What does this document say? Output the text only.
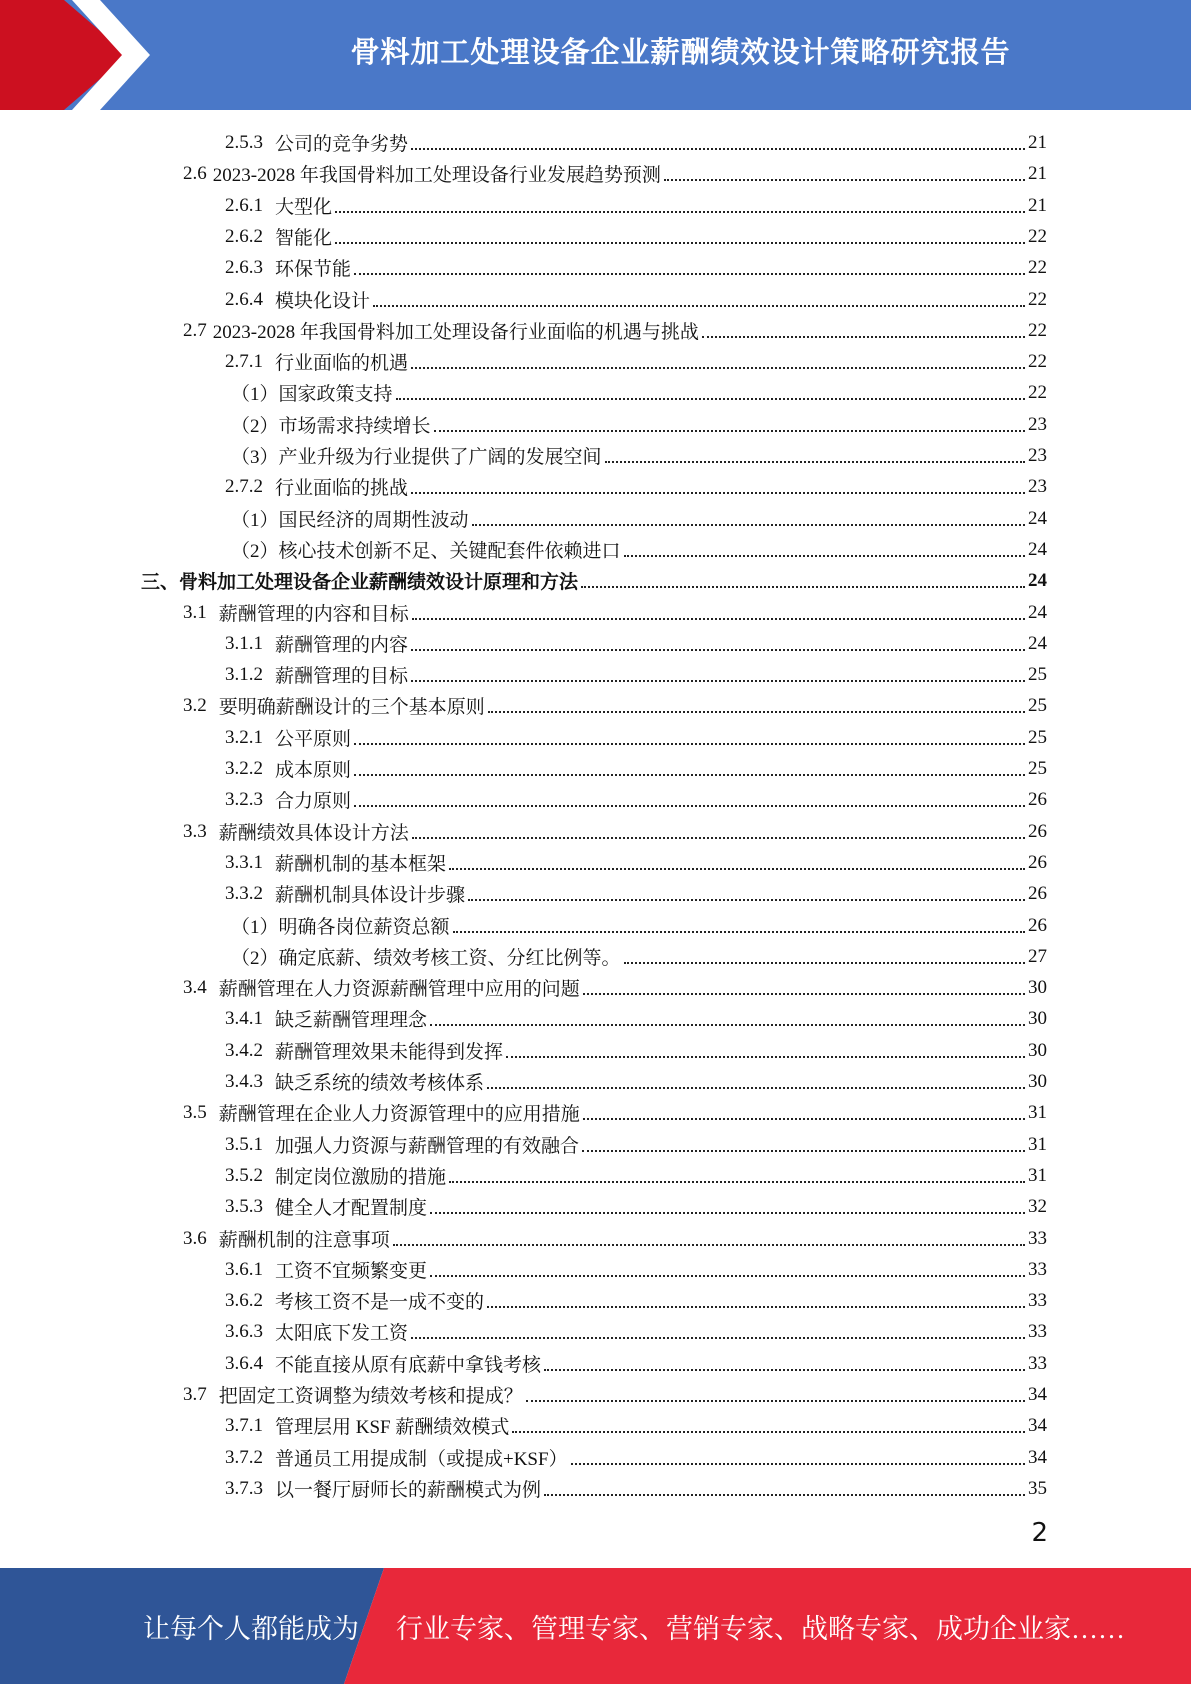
骨料加工处理设备企业薪酬绩效设计策略研究报告
2.5.3 公司的竞争劣势	21
2.6 2023-2028 年我国骨料加工处理设备行业发展趋势预测	21
2.6.1 大型化	21
2.6.2 智能化	22
2.6.3 环保节能	22
2.6.4 模块化设计	22
2.7 2023-2028 年我国骨料加工处理设备行业面临的机遇与挑战	22
2.7.1 行业面临的机遇	22
（1） 国家政策支持	22
（2） 市场需求持续增长	23
（3） 产业升级为行业提供了广阔的发展空间	23
2.7.2 行业面临的挑战	23
（1） 国民经济的周期性波动	24
（2） 核心技术创新不足、关键配套件依赖进口	24
三、 骨料加工处理设备企业薪酬绩效设计原理和方法	24
3.1 薪酬管理的内容和目标	24
3.1.1 薪酬管理的内容	24
3.1.2 薪酬管理的目标	25
3.2 要明确薪酬设计的三个基本原则	25
3.2.1 公平原则	25
3.2.2 成本原则	25
3.2.3 合力原则	26
3.3 薪酬绩效具体设计方法	26
3.3.1 薪酬机制的基本框架	26
3.3.2 薪酬机制具体设计步骤	26
（1） 明确各岗位薪资总额	26
（2） 确定底薪、绩效考核工资、分红比例等。	27
3.4 薪酬管理在人力资源薪酬管理中应用的问题	30
3.4.1 缺乏薪酬管理理念	30
3.4.2 薪酬管理效果未能得到发挥	30
3.4.3 缺乏系统的绩效考核体系	30
3.5 薪酬管理在企业人力资源管理中的应用措施	31
3.5.1 加强人力资源与薪酬管理的有效融合	31
3.5.2 制定岗位激励的措施	31
3.5.3 健全人才配置制度	32
3.6 薪酬机制的注意事项	33
3.6.1 工资不宜频繁变更	33
3.6.2 考核工资不是一成不变的	33
3.6.3 太阳底下发工资	33
3.6.4 不能直接从原有底薪中拿钱考核	33
3.7 把固定工资调整为绩效考核和提成？	34
3.7.1 管理层用 KSF 薪酬绩效模式	34
3.7.2 普通员工用提成制（或提成+KSF）	34
3.7.3 以一餐厅厨师长的薪酬模式为例	35
2
让每个人都能成为 行业专家、管理专家、营销专家、战略专家、成功企业家……
